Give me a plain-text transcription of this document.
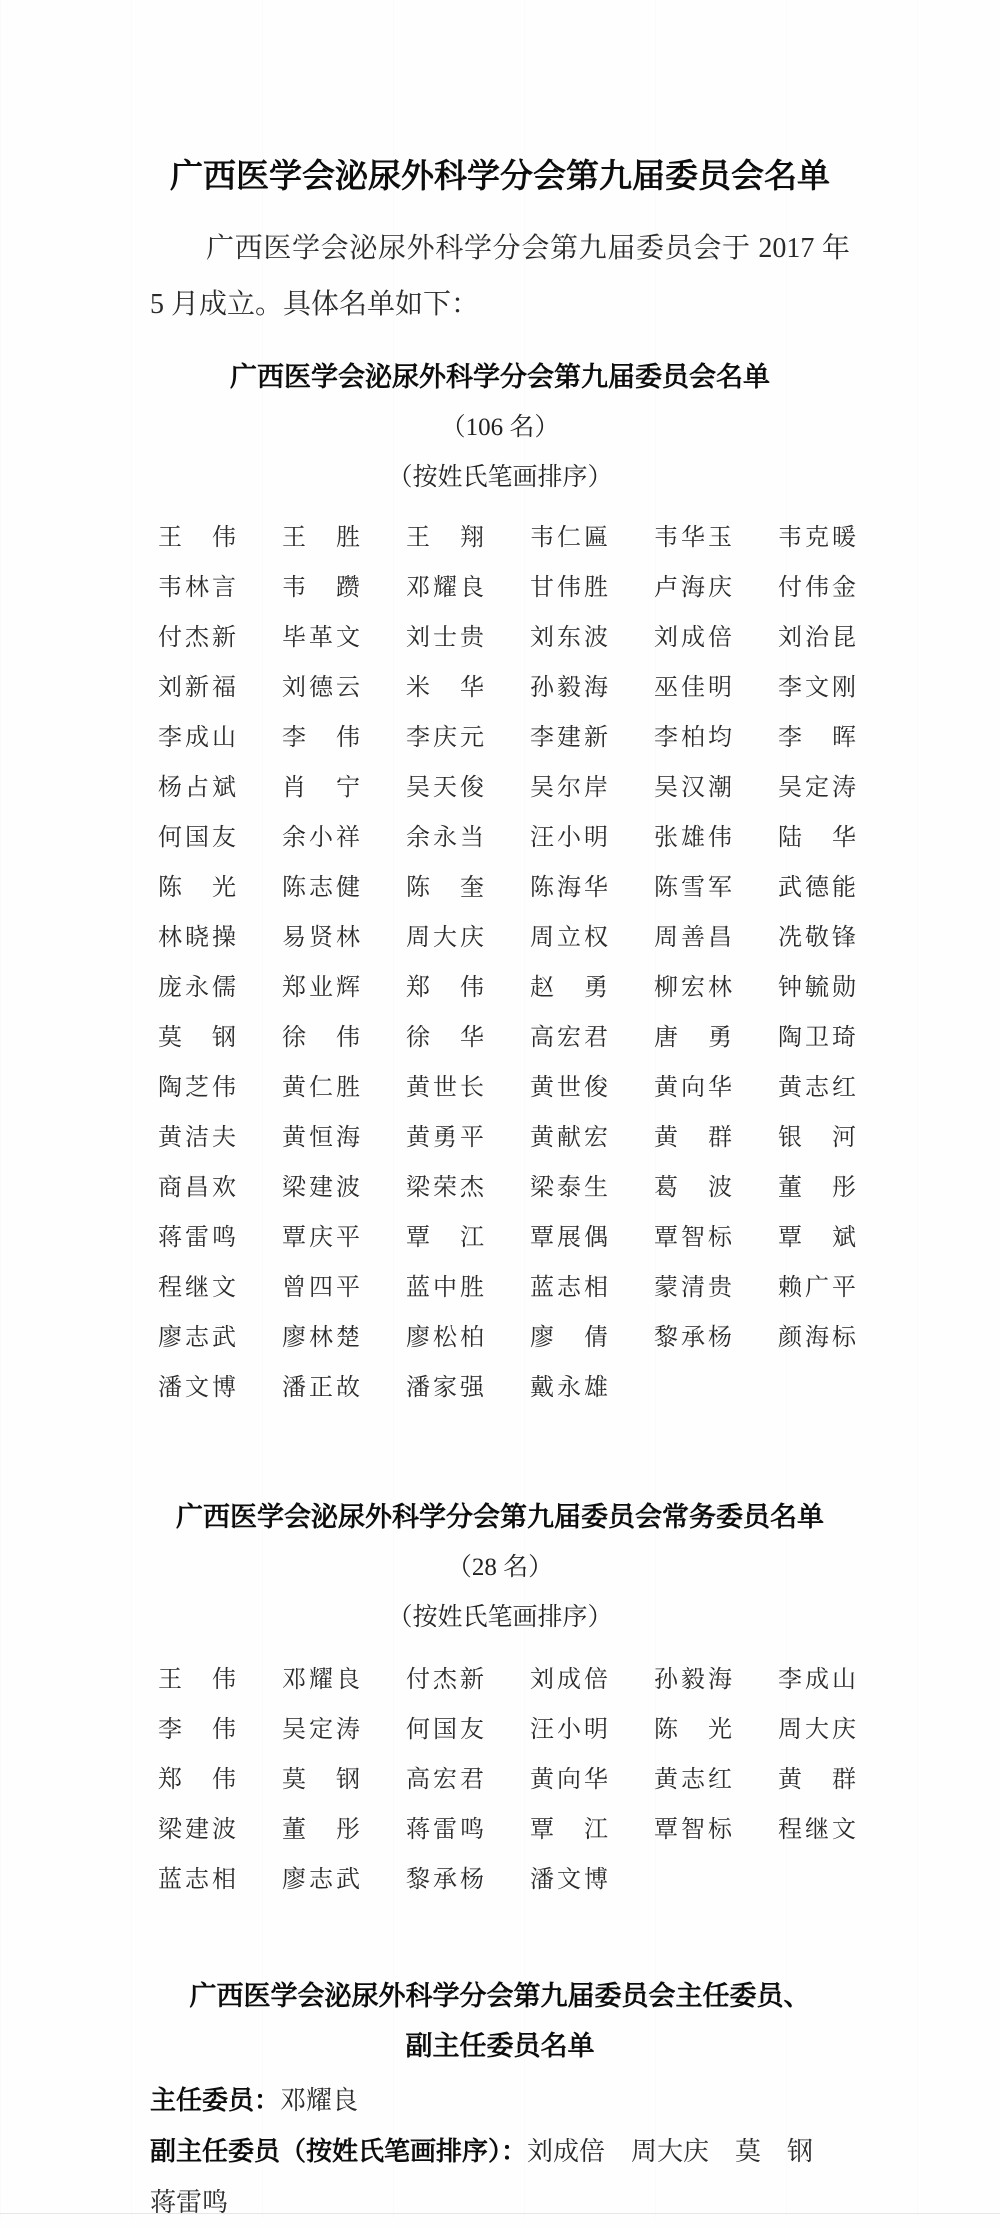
广西医学会泌尿外科学分会第九届委员会名单

广西医学会泌尿外科学分会第九届委员会于 2017 年 5 月成立。具体名单如下：

广西医学会泌尿外科学分会第九届委员会名单

（106 名）

（按姓氏笔画排序）

王 伟 王 胜 王 翔 韦 仁 匾 韦 华 玉 韦 克 暖
韦 林 言 韦 躜 邓 耀 良 甘 伟 胜 卢 海 庆 付 伟 金
付 杰 新 毕 革 文 刘 士 贵 刘 东 波 刘 成 倍 刘 治 昆
刘 新 福 刘 德 云 米 华 孙 毅 海 巫 佳 明 李 文 刚
李 成 山 李 伟 李 庆 元 李 建 新 李 柏 均 李 晖
杨 占 斌 肖 宁 吴 天 俊 吴 尔 岸 吴 汉 潮 吴 定 涛
何 国 友 余 小 祥 余 永 当 汪 小 明 张 雄 伟 陆 华
陈 光 陈 志 健 陈 奎 陈 海 华 陈 雪 军 武 德 能
林 晓 操 易 贤 林 周 大 庆 周 立 权 周 善 昌 冼 敬 锋
庞 永 儒 郑 业 辉 郑 伟 赵 勇 柳 宏 林 钟 毓 勋
莫 钢 徐 伟 徐 华 高 宏 君 唐 勇 陶 卫 琦
陶 芝 伟 黄 仁 胜 黄 世 长 黄 世 俊 黄 向 华 黄 志 红
黄 洁 夫 黄 恒 海 黄 勇 平 黄 献 宏 黄 群 银 河
商 昌 欢 梁 建 波 梁 荣 杰 梁 泰 生 葛 波 董 彤
蒋 雷 鸣 覃 庆 平 覃 江 覃 展 偶 覃 智 标 覃 斌
程 继 文 曾 四 平 蓝 中 胜 蓝 志 相 蒙 清 贵 赖 广 平
廖 志 武 廖 林 楚 廖 松 柏 廖 倩 黎 承 杨 颜 海 标
潘 文 博 潘 正 故 潘 家 强 戴 永 雄
广西医学会泌尿外科学分会第九届委员会常务委员名单

（28 名）

（按姓氏笔画排序）

王 伟 邓 耀 良 付 杰 新 刘 成 倍 孙 毅 海 李 成 山
李 伟 吴 定 涛 何 国 友 汪 小 明 陈 光 周 大 庆
郑 伟 莫 钢 高 宏 君 黄 向 华 黄 志 红 黄 群
梁 建 波 董 彤 蒋 雷 鸣 覃 江 覃 智 标 程 继 文
蓝 志 相 廖 志 武 黎 承 杨 潘 文 博
广西医学会泌尿外科学分会第九届委员会主任委员、
副主任委员名单

主任委员：邓耀良

副主任委员（按姓氏笔画排序）：刘成倍　周大庆　莫　钢

蒋雷鸣
